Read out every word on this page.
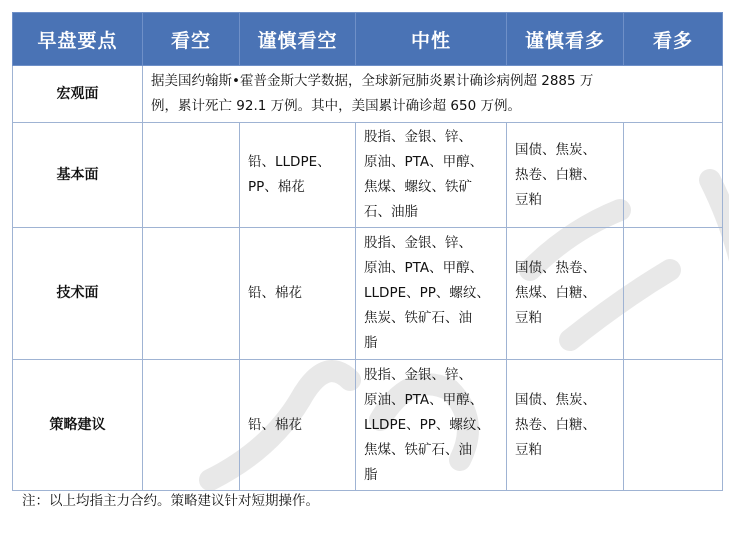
早盘要点	看空	谨慎看空	中性	谨慎看多	看多
宏观面	据美国约翰斯•霍普金斯大学数据，全球新冠肺炎累计确诊病例超 2885 万
例，累计死亡 92.1 万例。其中，美国累计确诊超 650 万例。				

基本面		铅、LLDPE、
PP、棉花	股指、金银、锌、
原油、PTA、甲醇、
焦煤、螺纹、铁矿
石、油脂	国债、焦炭、
热卷、白糖、
豆粕	

技术面		铅、棉花	股指、金银、锌、
原油、PTA、甲醇、
LLDPE、PP、螺纹、
焦炭、铁矿石、油
脂	国债、热卷、
焦煤、白糖、
豆粕	

策略建议		铅、棉花	股指、金银、锌、
原油、PTA、甲醇、
LLDPE、PP、螺纹、
焦煤、铁矿石、油
脂	国债、焦炭、
热卷、白糖、
豆粕	

注：以上均指主力合约。策略建议针对短期操作。
